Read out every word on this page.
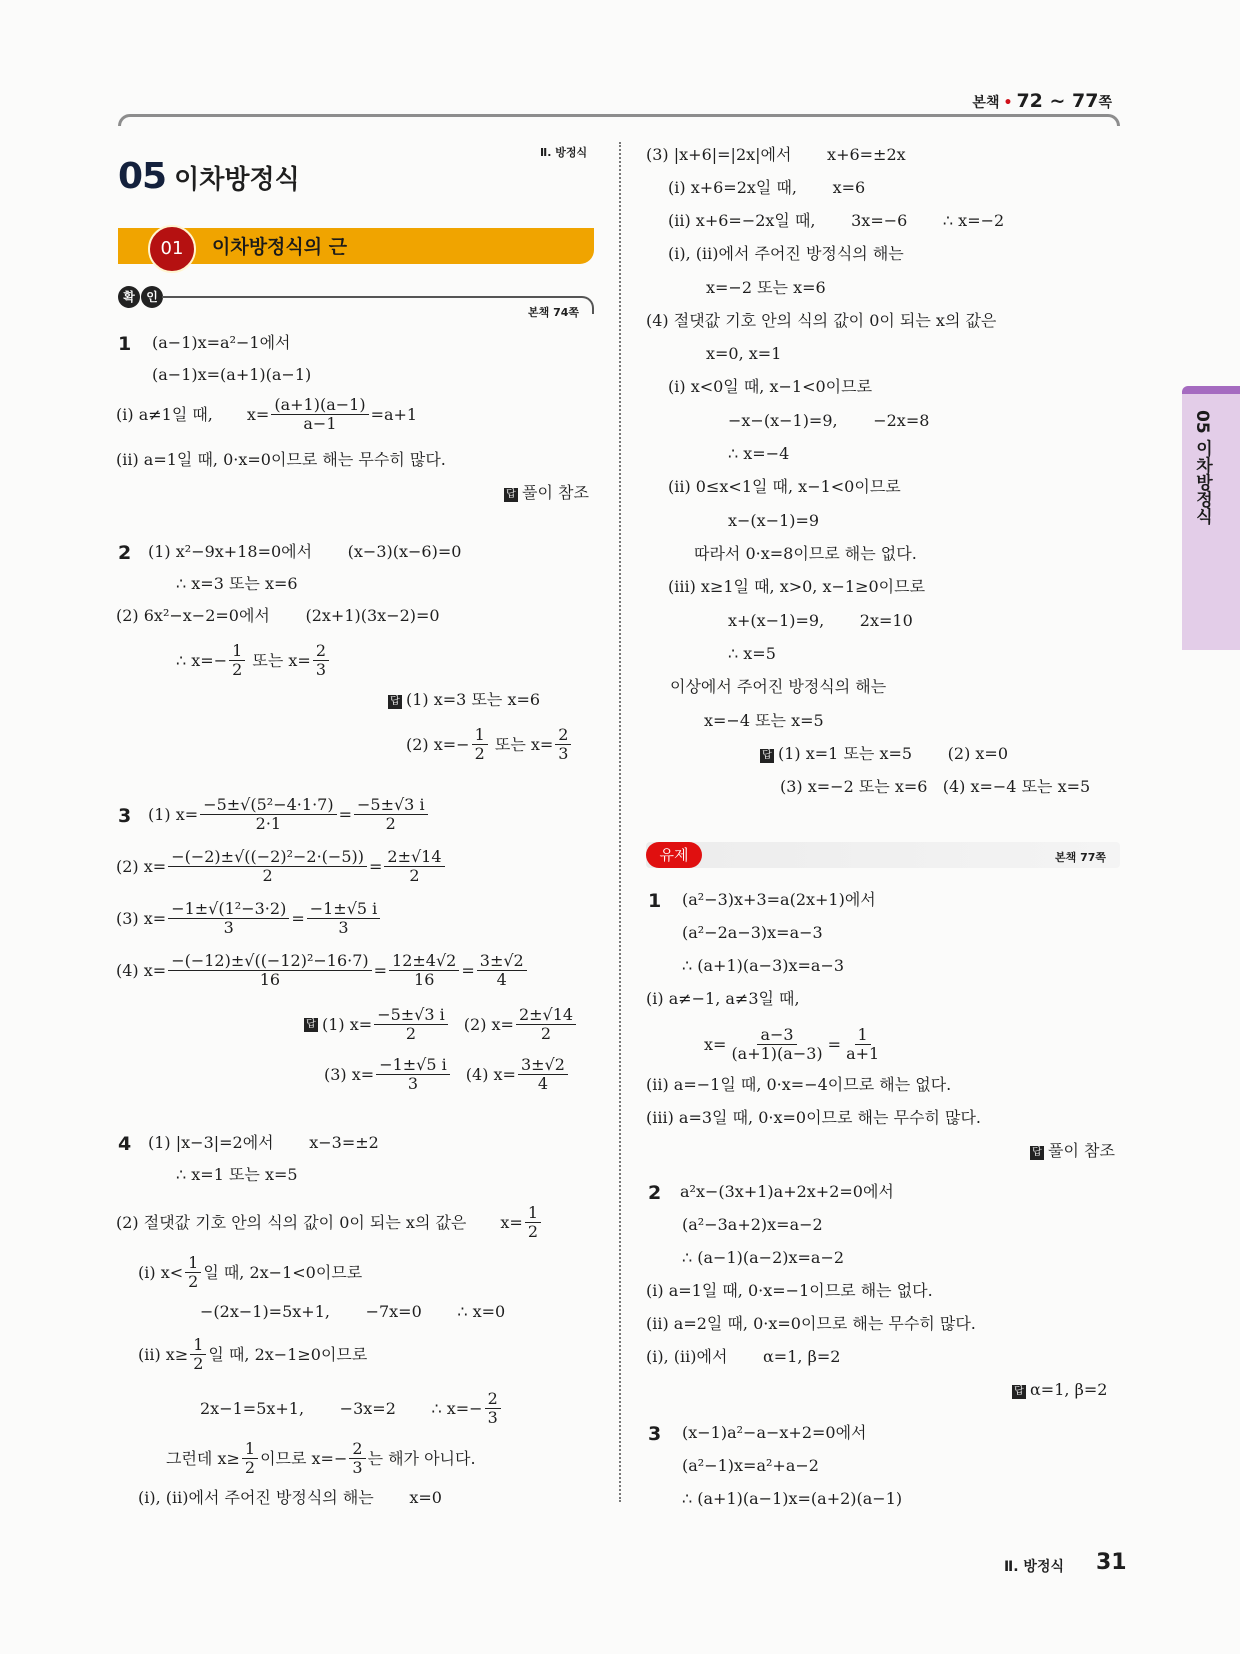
본책 • 72 ~ 77쪽
Ⅱ. 방정식
05 이차방정식
01	이차방정식의 근
확 인
본책 74쪽
1 (a−1)x=a²−1에서
(a−1)x=(a+1)(a−1)
(ⅰ) a≠1일 때, $x= \frac{(a+1)(a-1)}{a-1} =a+1$
(ⅱ) a=1일 때, 0·x=0이므로 해는 무수히 많다.
답 풀이 참조
2 (1) x²−9x+18=0에서       (x−3)(x−6)=0
∴ x=3 또는 x=6
(2) 6x²−x−2=0에서       (2x+1)(3x−2)=0
∴ $x=- \frac{1}{2}$ 또는 $x= \frac{2}{3}$
답 (1) x=3 또는 x=6
(2) $x=- \frac{1}{2}$ 또는 $x= \frac{2}{3}$
3 (1) $x= \frac{\text{−5±√(5²−4·1·7)}}{2\cdot 1} = \frac{-5\pm√3 i}{2}$
(2) $x= \frac{\text{−(−2)±√((−2)²−2·(−5))}}{2} = \frac{2\pm√14}{2}$
(3) $x= \frac{\text{−1±√(1²−3·2)}}{3} = \frac{-1\pm√5 i}{3}$
(4) $x= \frac{\text{−(−12)±√((−12)²−16·7)}}{16} = \frac{12\pm 4√2}{16} = \frac{3\pm√2}{4}$
답 (1) $x= \frac{-5\pm√3 i}{2} (2)$ $x= \frac{2\pm√14}{2}$
(3) $x= \frac{-1\pm√5 i}{3} (4)$ $x= \frac{3\pm√2}{4}$
4 (1) |x−3|=2에서       x−3=±2
∴ x=1 또는 x=5
(2) 절댓값 기호 안의 식의 값이 0이 되는 x의 값은 $x= \frac{1}{2}$
(ⅰ) $x< \frac{1}{2}$ 일 때, 2x−1<0이므로
−(2x−1)=5x+1,       −7x=0       ∴ x=0
(ⅱ) $x\ge \frac{1}{2}$ 일 때, 2x−1≥0이므로
2x−1=5x+1,       −3x=2       ∴ $x=- \frac{2}{3}$
그런데 $x\ge \frac{1}{2}$ 이므로 $x=- \frac{2}{3}$ 는 해가 아니다.
(ⅰ), (ⅱ)에서 주어진 방정식의 해는       x=0
(3) |x+6|=|2x|에서       x+6=±2x
(ⅰ) x+6=2x일 때,       x=6
(ⅱ) x+6=−2x일 때,       3x=−6       ∴ x=−2
(ⅰ), (ⅱ)에서 주어진 방정식의 해는
x=−2 또는 x=6
(4) 절댓값 기호 안의 식의 값이 0이 되는 x의 값은
x=0, x=1
(ⅰ) x<0일 때, x−1<0이므로
−x−(x−1)=9,       −2x=8
∴ x=−4
(ⅱ) 0≤x<1일 때, x−1<0이므로
x−(x−1)=9
따라서 0·x=8이므로 해는 없다.
(ⅲ) x≥1일 때, x>0, x−1≥0이므로
x+(x−1)=9,       2x=10
∴ x=5
이상에서 주어진 방정식의 해는
x=−4 또는 x=5
답 (1) x=1 또는 x=5       (2) x=0
(3) x=−2 또는 x=6   (4) x=−4 또는 x=5
유제	본책 77쪽
1 (a²−3)x+3=a(2x+1)에서
(a²−2a−3)x=a−3
∴ (a+1)(a−3)x=a−3
(ⅰ) a≠−1, a≠3일 때,
$x= \frac{a-3}{(a+1)(a-3)} = \frac{1}{a+1}$
(ⅱ) a=−1일 때, 0·x=−4이므로 해는 없다.
(ⅲ) a=3일 때, 0·x=0이므로 해는 무수히 많다.
답 풀이 참조
2 a²x−(3x+1)a+2x+2=0에서
(a²−3a+2)x=a−2
∴ (a−1)(a−2)x=a−2
(ⅰ) a=1일 때, 0·x=−1이므로 해는 없다.
(ⅱ) a=2일 때, 0·x=0이므로 해는 무수히 많다.
(ⅰ), (ⅱ)에서       α=1, β=2
답 α=1, β=2
3 (x−1)a²−a−x+2=0에서
(a²−1)x=a²+a−2
∴ (a+1)(a−1)x=(a+2)(a−1)
05 이차방정식
Ⅱ. 방정식 31
